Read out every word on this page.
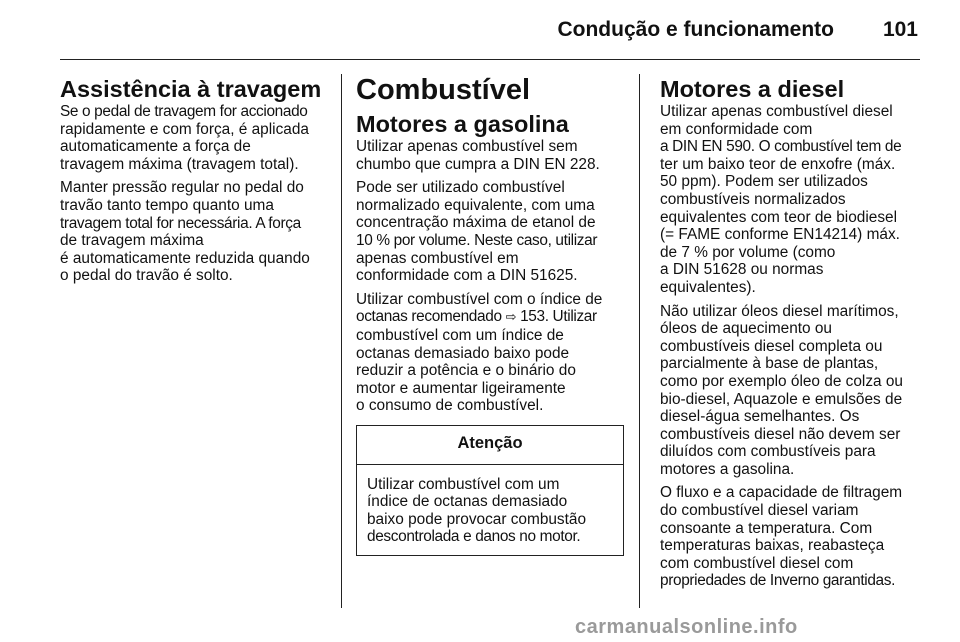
Condução e funcionamento 101
Assistência à travagem

Se o pedal de travagem for accionado
rapidamente e com força, é aplicada
automaticamente a força de
travagem máxima (travagem total).

Manter pressão regular no pedal do
travão tanto tempo quanto uma
travagem total for necessária. A força
de travagem máxima
é automaticamente reduzida quando
o pedal do travão é solto.

Combustível
Motores a gasolina

Utilizar apenas combustível sem
chumbo que cumpra a DIN EN 228.

Pode ser utilizado combustível
normalizado equivalente, com uma
concentração máxima de etanol de
10 % por volume. Neste caso, utilizar
apenas combustível em
conformidade com a DIN 51625.

Utilizar combustível com o índice de
octanas recomendado ⇨ 153. Utilizar
combustível com um índice de
octanas demasiado baixo pode
reduzir a potência e o binário do
motor e aumentar ligeiramente
o consumo de combustível.

Atenção
Utilizar combustível com um
índice de octanas demasiado
baixo pode provocar combustão
descontrolada e danos no motor.
Motores a diesel

Utilizar apenas combustível diesel
em conformidade com
a DIN EN 590. O combustível tem de
ter um baixo teor de enxofre (máx.
50 ppm). Podem ser utilizados
combustíveis normalizados
equivalentes com teor de biodiesel
(= FAME conforme EN14214) máx.
de 7 % por volume (como
a DIN 51628 ou normas
equivalentes).

Não utilizar óleos diesel marítimos,
óleos de aquecimento ou
combustíveis diesel completa ou
parcialmente à base de plantas,
como por exemplo óleo de colza ou
bio-diesel, Aquazole e emulsões de
diesel-água semelhantes. Os
combustíveis diesel não devem ser
diluídos com combustíveis para
motores a gasolina.

O fluxo e a capacidade de filtragem
do combustível diesel variam
consoante a temperatura. Com
temperaturas baixas, reabasteça
com combustível diesel com
propriedades de Inverno garantidas.

carmanualsonline.info
